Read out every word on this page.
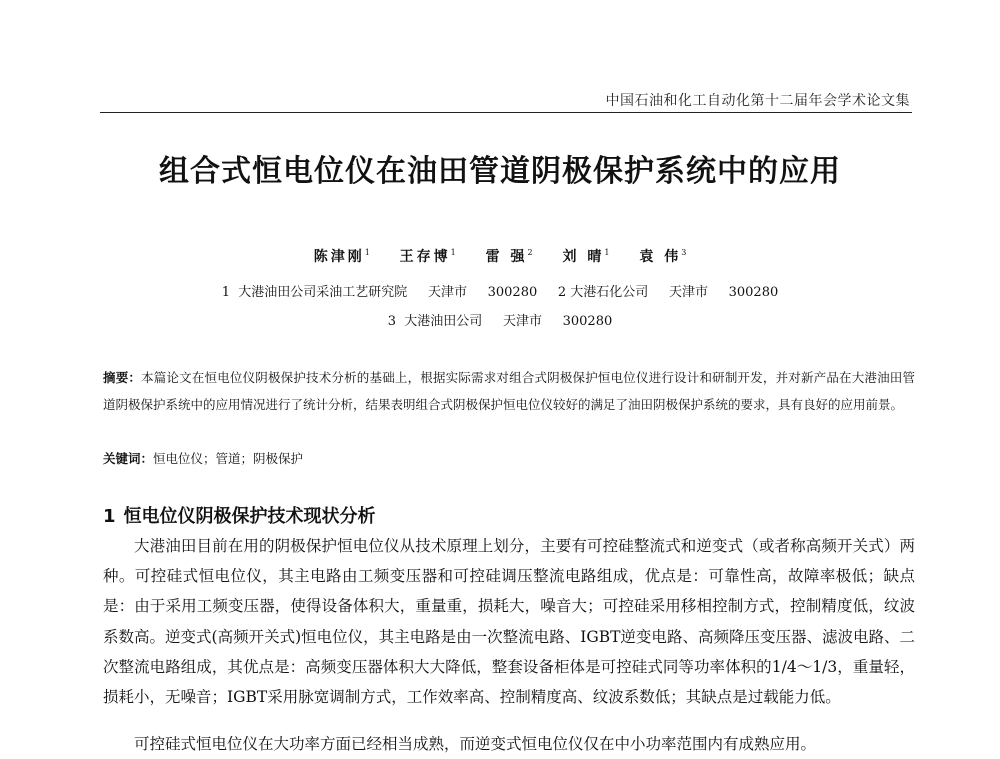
中国石油和化工自动化第十二届年会学术论文集
组合式恒电位仪在油田管道阴极保护系统中的应用
陈津刚$^1$ 王存博$^1$ 雷 强$^2$ 刘 晴$^1$ 袁 伟$^3$
1  大港油田公司采油工艺研究院     天津市     300280     2 大港石化公司     天津市     300280
3  大港油田公司     天津市     300280

摘要：本篇论文在恒电位仪阴极保护技术分析的基础上，根据实际需求对组合式阴极保护恒电位仪进行设计和研制开发，并对新产品在大港油田管道阴极保护系统中的应用情况进行了统计分析，结果表明组合式阴极保护恒电位仪较好的满足了油田阴极保护系统的要求，具有良好的应用前景。

关键词：恒电位仪；管道；阴极保护

1 恒电位仪阴极保护技术现状分析

大港油田目前在用的阴极保护恒电位仪从技术原理上划分，主要有可控硅整流式和逆变式（或者称高频开关式）两种。可控硅式恒电位仪，其主电路由工频变压器和可控硅调压整流电路组成，优点是：可靠性高，故障率极低；缺点是：由于采用工频变压器，使得设备体积大，重量重，损耗大，噪音大；可控硅采用移相控制方式，控制精度低，纹波系数高。逆变式(高频开关式)恒电位仪，其主电路是由一次整流电路、IGBT逆变电路、高频降压变压器、滤波电路、二次整流电路组成，其优点是：高频变压器体积大大降低，整套设备柜体是可控硅式同等功率体积的1/4～1/3，重量轻，损耗小，无噪音；IGBT采用脉宽调制方式，工作效率高、控制精度高、纹波系数低；其缺点是过载能力低。

可控硅式恒电位仪在大功率方面已经相当成熟，而逆变式恒电位仪仅在中小功率范围内有成熟应用。
